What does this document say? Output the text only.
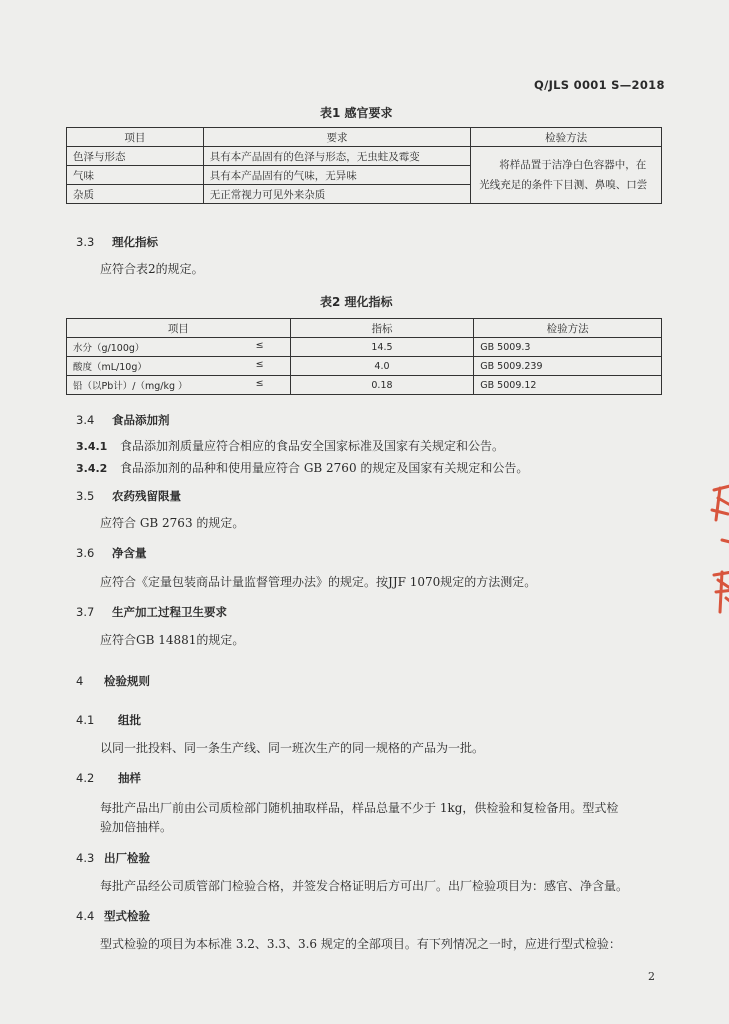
Q/JLS 0001 S—2018
表1 感官要求
项目	要求	检验方法
色泽与形态	具有本产品固有的色泽与形态，无虫蛀及霉变	将样品置于洁净白色容器中，在
光线充足的条件下目测、鼻嗅、口尝

气味	具有本产品固有的气味，无异味	
杂质	无正常视力可见外来杂质	
3.3 理化指标
应符合表2的规定。
表2 理化指标
项目	指标	检验方法
水分（g/100g） ≤	14.5	GB 5009.3
酸度（mL/10g） ≤	4.0	GB 5009.239
铅（以Pb计）/（mg/kg ） ≤	0.18	GB 5009.12
3.4 食品添加剂
3.4.1 食品添加剂质量应符合相应的食品安全国家标准及国家有关规定和公告。
3.4.2 食品添加剂的品种和使用量应符合 GB 2760 的规定及国家有关规定和公告。
3.5 农药残留限量
应符合 GB 2763 的规定。
3.6 净含量
应符合《定量包装商品计量监督管理办法》的规定。按JJF 1070规定的方法测定。
3.7 生产加工过程卫生要求
应符合GB 14881的规定。
4 检验规则
4.1 组批
以同一批投料、同一条生产线、同一班次生产的同一规格的产品为一批。
4.2 抽样
每批产品出厂前由公司质检部门随机抽取样品，样品总量不少于 1kg，供检验和复检备用。型式检
验加倍抽样。
4.3 出厂检验
每批产品经公司质管部门检验合格，并签发合格证明后方可出厂。出厂检验项目为：感官、净含量。
4.4 型式检验
型式检验的项目为本标准 3.2、3.3、3.6 规定的全部项目。有下列情况之一时，应进行型式检验：
2
